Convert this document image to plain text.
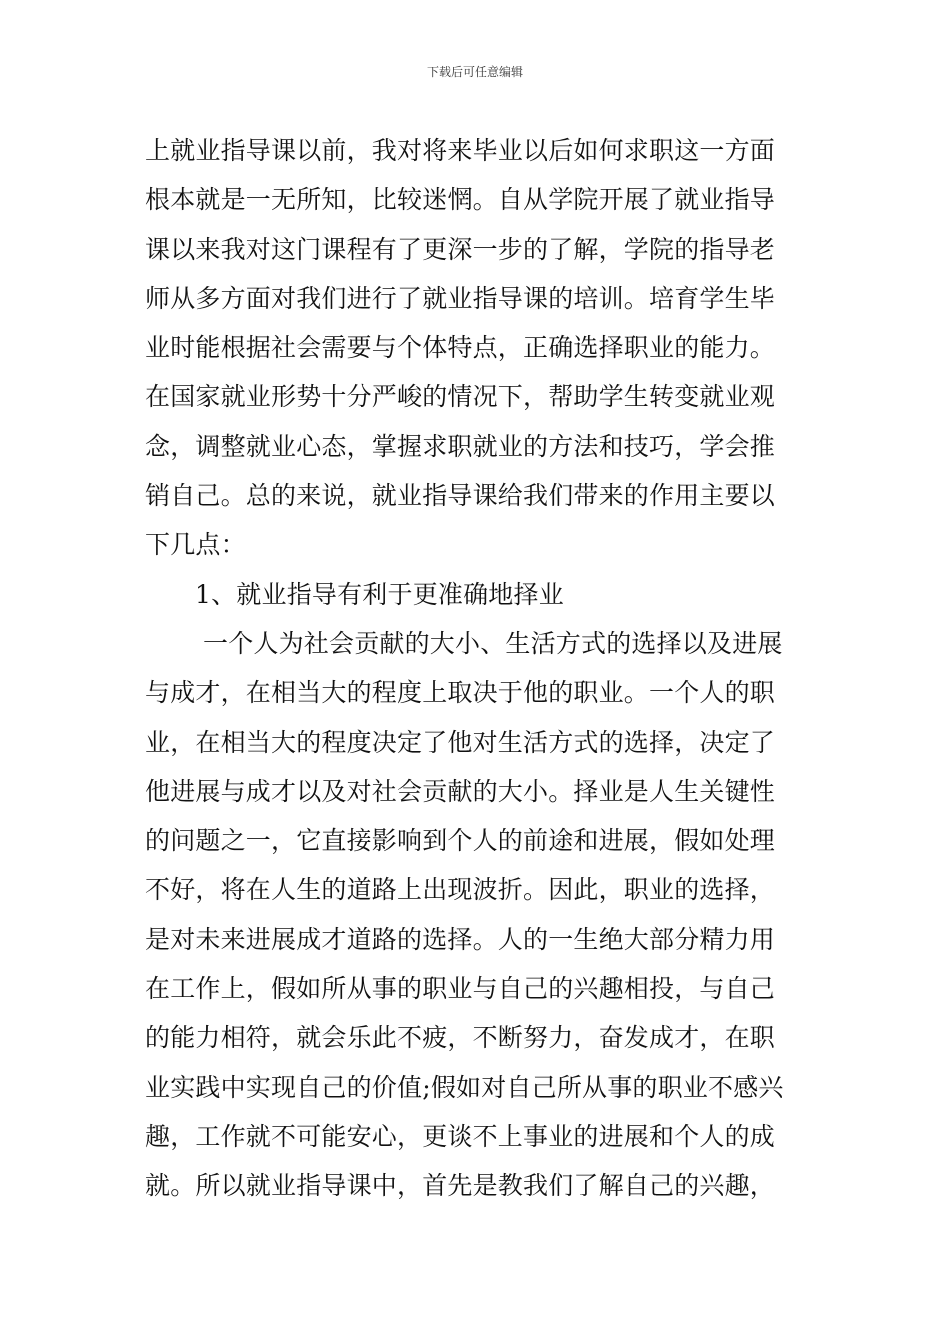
下载后可任意编辑
上就业指导课以前，我对将来毕业以后如何求职这一方面
根本就是一无所知，比较迷惘。自从学院开展了就业指导
课以来我对这门课程有了更深一步的了解，学院的指导老
师从多方面对我们进行了就业指导课的培训。培育学生毕
业时能根据社会需要与个体特点，正确选择职业的能力。
在国家就业形势十分严峻的情况下，帮助学生转变就业观
念，调整就业心态，掌握求职就业的方法和技巧，学会推
销自己。总的来说，就业指导课给我们带来的作用主要以
下几点：
1、就业指导有利于更准确地择业
一个人为社会贡献的大小、生活方式的选择以及进展
与成才，在相当大的程度上取决于他的职业。一个人的职
业，在相当大的程度决定了他对生活方式的选择，决定了
他进展与成才以及对社会贡献的大小。择业是人生关键性
的问题之一，它直接影响到个人的前途和进展，假如处理
不好，将在人生的道路上出现波折。因此，职业的选择，
是对未来进展成才道路的选择。人的一生绝大部分精力用
在工作上，假如所从事的职业与自己的兴趣相投，与自己
的能力相符，就会乐此不疲，不断努力，奋发成才，在职
业实践中实现自己的价值;假如对自己所从事的职业不感兴
趣，工作就不可能安心，更谈不上事业的进展和个人的成
就。所以就业指导课中，首先是教我们了解自己的兴趣，
